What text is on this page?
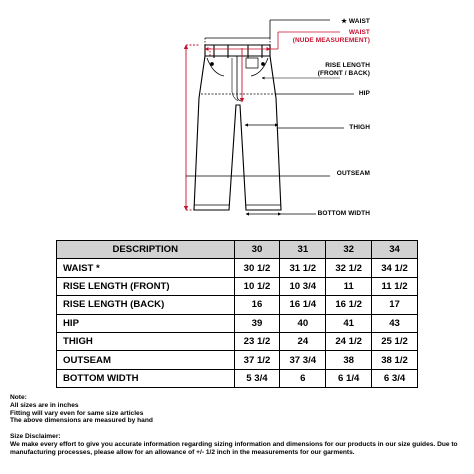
★ WAIST
WAIST
(NUDE MEASUREMENT)
RISE LENGTH
(FRONT / BACK)
HIP
THIGH
OUTSEAM
BOTTOM WIDTH
DESCRIPTION	30	31	32	34
WAIST *	30 1/2	31 1/2	32 1/2	34 1/2
RISE LENGTH (FRONT)	10 1/2	10 3/4	11	11 1/2
RISE LENGTH (BACK)	16	16 1/4	16 1/2	17
HIP	39	40	41	43
THIGH	23 1/2	24	24 1/2	25 1/2
OUTSEAM	37 1/2	37 3/4	38	38 1/2
BOTTOM WIDTH	5 3/4	6	6 1/4	6 3/4
Note:
All sizes are in inches
Fitting will vary even for same size articles
The above dimensions are measured by hand
Size Disclaimer:
We make every effort to give you accurate information regarding sizing information and dimensions for our products in our size guides. Due to manufacturing processes, please allow for an allowance of +/- 1/2 inch in the measurements for our garments.
